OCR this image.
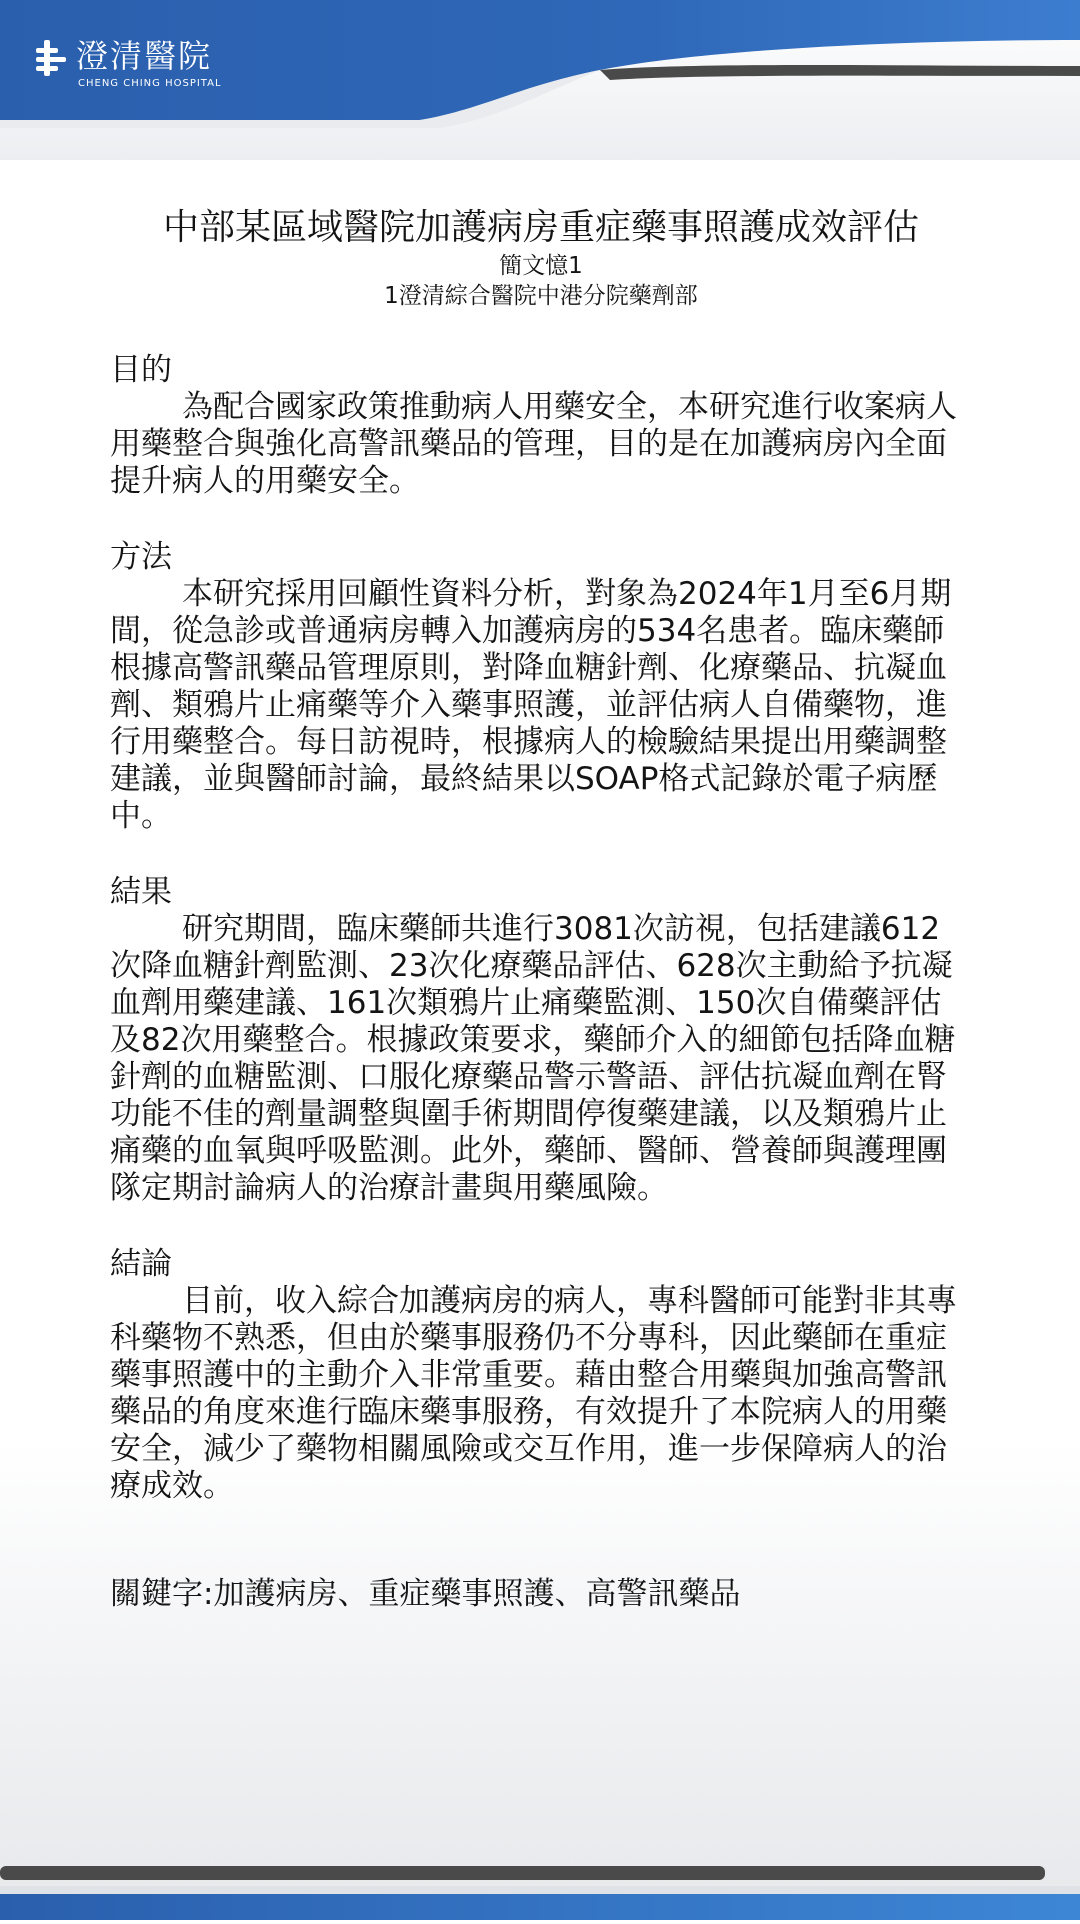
澄清醫院
CHENG CHING HOSPITAL
中部某區域醫院加護病房重症藥事照護成效評估
簡文憶1
1澄清綜合醫院中港分院藥劑部
目的
為配合國家政策推動病人用藥安全，本研究進行收案病人用藥整合與強化高警訊藥品的管理，目的是在加護病房內全面提升病人的用藥安全。
方法
本研究採用回顧性資料分析，對象為2024年1月至6月期間，從急診或普通病房轉入加護病房的534名患者。臨床藥師根據高警訊藥品管理原則，對降血糖針劑、化療藥品、抗凝血劑、類鴉片止痛藥等介入藥事照護，並評估病人自備藥物，進行用藥整合。每日訪視時，根據病人的檢驗結果提出用藥調整建議，並與醫師討論，最終結果以SOAP格式記錄於電子病歷中。
結果
研究期間，臨床藥師共進行3081次訪視，包括建議612次降血糖針劑監測、23次化療藥品評估、628次主動給予抗凝血劑用藥建議、161次類鴉片止痛藥監測、150次自備藥評估及82次用藥整合。根據政策要求，藥師介入的細節包括降血糖針劑的血糖監測、口服化療藥品警示警語、評估抗凝血劑在腎功能不佳的劑量調整與圍手術期間停復藥建議，以及類鴉片止痛藥的血氧與呼吸監測。此外，藥師、醫師、營養師與護理團隊定期討論病人的治療計畫與用藥風險。
結論
目前，收入綜合加護病房的病人，專科醫師可能對非其專科藥物不熟悉，但由於藥事服務仍不分專科，因此藥師在重症藥事照護中的主動介入非常重要。藉由整合用藥與加強高警訊藥品的角度來進行臨床藥事服務，有效提升了本院病人的用藥安全，減少了藥物相關風險或交互作用，進一步保障病人的治療成效。
關鍵字:加護病房、重症藥事照護、高警訊藥品
